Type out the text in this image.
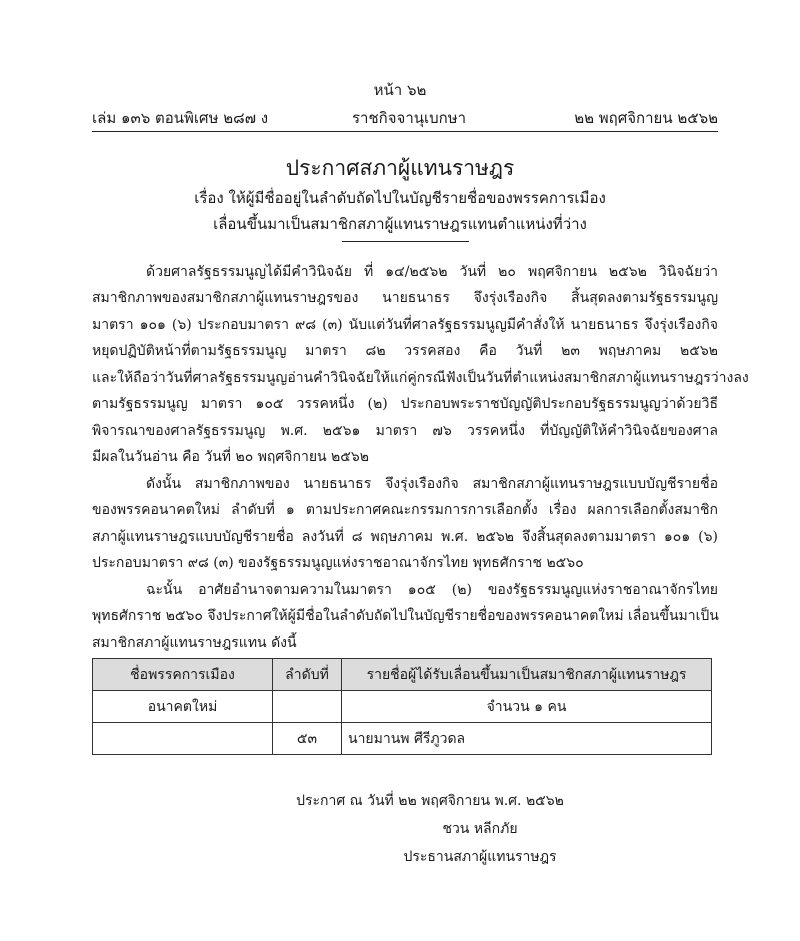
หน้า ๖๒
เล่ม ๑๓๖ ตอนพิเศษ ๒๘๗ ง	ราชกิจจานุเบกษา	๒๒ พฤศจิกายน ๒๕๖๒
ประกาศสภาผู้แทนราษฎร
เรื่อง ให้ผู้มีชื่ออยู่ในลำดับถัดไปในบัญชีรายชื่อของพรรคการเมือง
เลื่อนขึ้นมาเป็นสมาชิกสภาผู้แทนราษฎรแทนตำแหน่งที่ว่าง
ด้วยศาลรัฐธรรมนูญได้มีคำวินิจฉัย ที่ ๑๔/๒๕๖๒ วันที่ ๒๐ พฤศจิกายน ๒๕๖๒ วินิจฉัยว่า
สมาชิกภาพของสมาชิกสภาผู้แทนราษฎรของ นายธนาธร จึงรุ่งเรืองกิจ สิ้นสุดลงตามรัฐธรรมนูญ
มาตรา ๑๐๑ (๖) ประกอบมาตรา ๙๘ (๓) นับแต่วันที่ศาลรัฐธรรมนูญมีคำสั่งให้ นายธนาธร จึงรุ่งเรืองกิจ
หยุดปฏิบัติหน้าที่ตามรัฐธรรมนูญ มาตรา ๘๒ วรรคสอง คือ วันที่ ๒๓ พฤษภาคม ๒๕๖๒
และให้ถือว่าวันที่ศาลรัฐธรรมนูญอ่านคำวินิจฉัยให้แก่คู่กรณีฟังเป็นวันที่ตำแหน่งสมาชิกสภาผู้แทนราษฎรว่างลง
ตามรัฐธรรมนูญ มาตรา ๑๐๕ วรรคหนึ่ง (๒) ประกอบพระราชบัญญัติประกอบรัฐธรรมนูญว่าด้วยวิธี
พิจารณาของศาลรัฐธรรมนูญ พ.ศ. ๒๕๖๑ มาตรา ๗๖ วรรคหนึ่ง ที่บัญญัติให้คำวินิจฉัยของศาล
มีผลในวันอ่าน คือ วันที่ ๒๐ พฤศจิกายน ๒๕๖๒
ดังนั้น สมาชิกภาพของ นายธนาธร จึงรุ่งเรืองกิจ สมาชิกสภาผู้แทนราษฎรแบบบัญชีรายชื่อ
ของพรรคอนาคตใหม่ ลำดับที่ ๑ ตามประกาศคณะกรรมการการเลือกตั้ง เรื่อง ผลการเลือกตั้งสมาชิก
สภาผู้แทนราษฎรแบบบัญชีรายชื่อ ลงวันที่ ๘ พฤษภาคม พ.ศ. ๒๕๖๒ จึงสิ้นสุดลงตามมาตรา ๑๐๑ (๖)
ประกอบมาตรา ๙๘ (๓) ของรัฐธรรมนูญแห่งราชอาณาจักรไทย พุทธศักราช ๒๕๖๐
ฉะนั้น อาศัยอำนาจตามความในมาตรา ๑๐๕ (๒) ของรัฐธรรมนูญแห่งราชอาณาจักรไทย
พุทธศักราช ๒๕๖๐ จึงประกาศให้ผู้มีชื่อในลำดับถัดไปในบัญชีรายชื่อของพรรคอนาคตใหม่ เลื่อนขึ้นมาเป็น
สมาชิกสภาผู้แทนราษฎรแทน ดังนี้
ชื่อพรรคการเมือง	ลำดับที่	รายชื่อผู้ได้รับเลื่อนขึ้นมาเป็นสมาชิกสภาผู้แทนราษฎร
อนาคตใหม่		จำนวน ๑ คน
	๕๓	นายมานพ ศีรีภูวดล
ประกาศ ณ วันที่ ๒๒ พฤศจิกายน พ.ศ. ๒๕๖๒
ชวน หลีกภัย
ประธานสภาผู้แทนราษฎร
